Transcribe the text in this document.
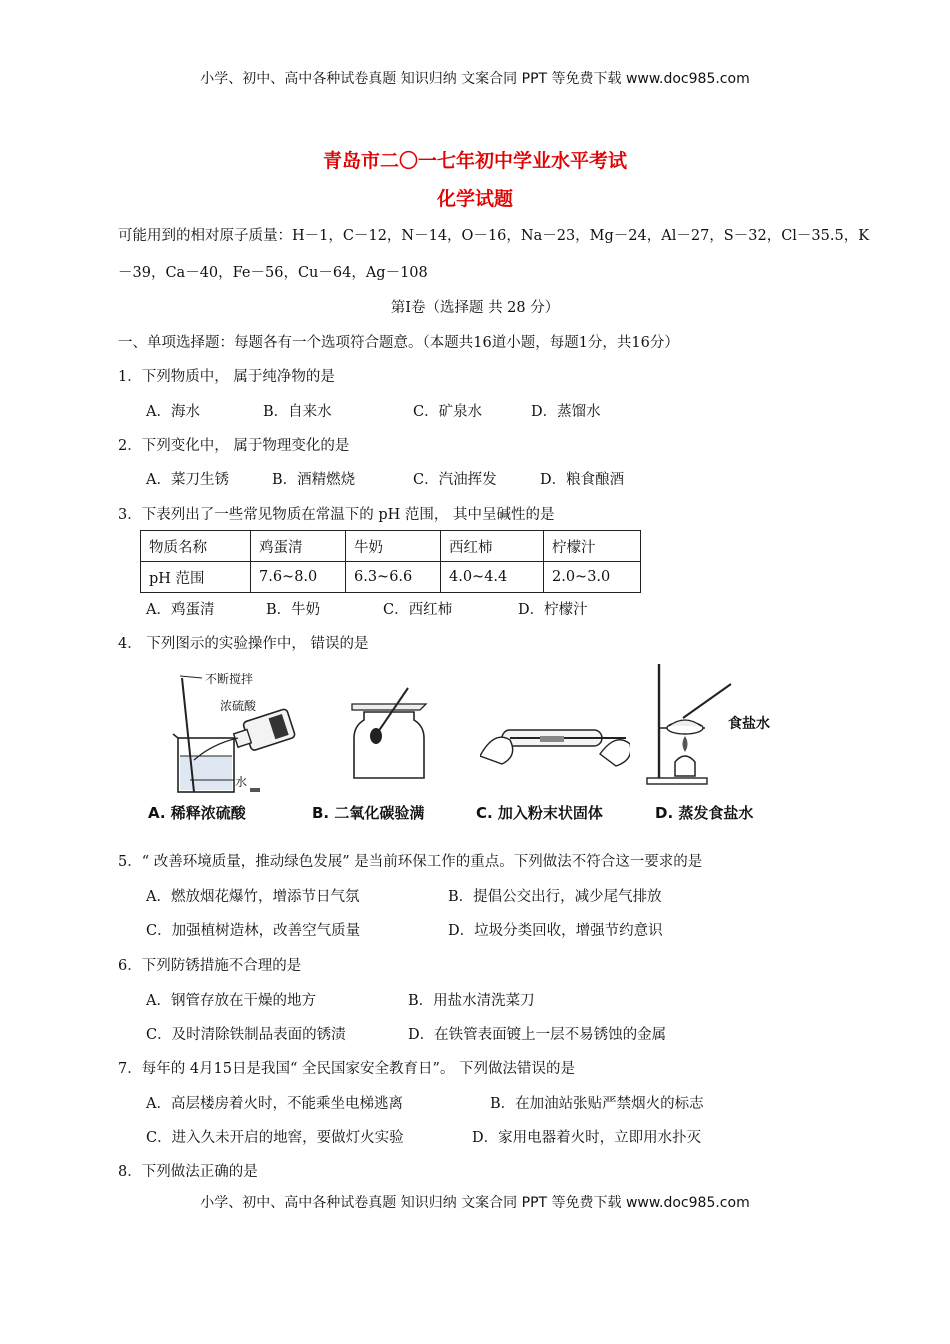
小学、初中、高中各种试卷真题 知识归纳 文案合同 PPT 等免费下载 www.doc985.com
青岛市二〇一七年初中学业水平考试
化学试题
可能用到的相对原子质量：H－1，C－12，N－14，O－16，Na－23，Mg－24，Al－27，S－32，Cl－35.5，K
－39，Ca－40，Fe－56，Cu－64，Ag－108
第Ⅰ卷（选择题 共 28 分）
一、单项选择题：每题各有一个选项符合题意。（本题共16道小题，每题1分，共16分）
1．下列物质中， 属于纯净物的是
A．海水	B．自来水	C．矿泉水	D．蒸馏水
2．下列变化中， 属于物理变化的是
A．菜刀生锈	B．酒精燃烧	C．汽油挥发	D．粮食酿酒
3．下表列出了一些常见物质在常温下的 pH 范围， 其中呈碱性的是
物质名称	鸡蛋清	牛奶	西红柿	柠檬汁
pH 范围	7.6~8.0	6.3~6.6	4.0~4.4	2.0~3.0
A．鸡蛋清	B．牛奶	C．西红柿	D．柠檬汁
4． 下列图示的实验操作中， 错误的是
不断搅拌
浓硫酸
水
食盐水
A. 稀释浓硫酸	B. 二氧化碳验满	C. 加入粉末状固体	D. 蒸发食盐水
5．“ 改善环境质量，推动绿色发展” 是当前环保工作的重点。下列做法不符合这一要求的是
A．燃放烟花爆竹，增添节日气氛	B．提倡公交出行，减少尾气排放
C．加强植树造林，改善空气质量	D．垃圾分类回收，增强节约意识
6．下列防锈措施不合理的是
A．钢管存放在干燥的地方	B．用盐水清洗菜刀
C．及时清除铁制品表面的锈渍	D．在铁管表面镀上一层不易锈蚀的金属
7．每年的 4月15日是我国“ 全民国家安全教育日”。 下列做法错误的是
A．高层楼房着火时，不能乘坐电梯逃离	B．在加油站张贴严禁烟火的标志
C．进入久未开启的地窖，要做灯火实验	D．家用电器着火时，立即用水扑灭
8．下列做法正确的是
小学、初中、高中各种试卷真题 知识归纳 文案合同 PPT 等免费下载 www.doc985.com
